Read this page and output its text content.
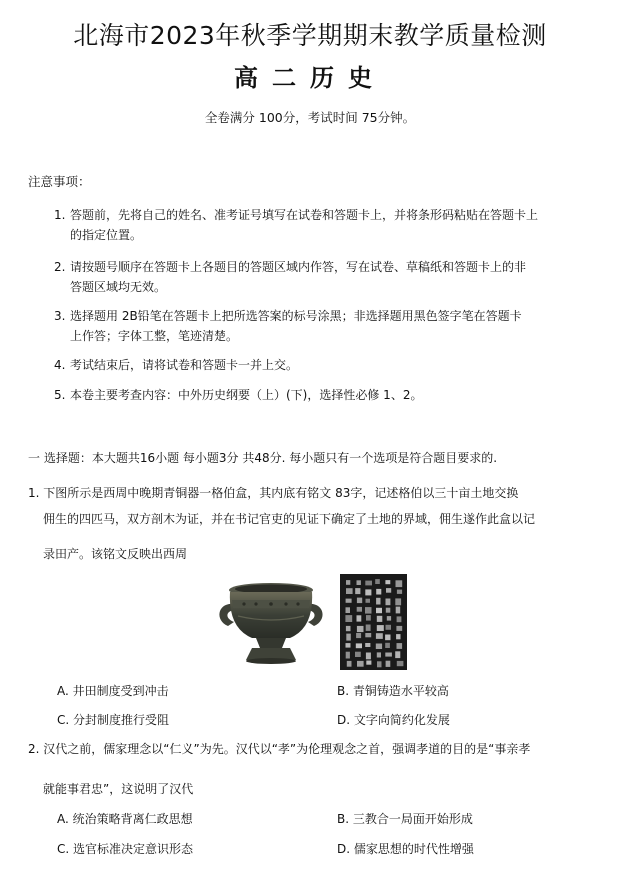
北海市2023年秋季学期期末教学质量检测
高二历史
全卷满分 100分，考试时间 75分钟。
注意事项：
1. 答题前，先将自己的姓名、准考证号填写在试卷和答题卡上，并将条形码粘贴在答题卡上
的指定位置。
2. 请按题号顺序在答题卡上各题目的答题区域内作答，写在试卷、草稿纸和答题卡上的非
答题区域均无效。
3. 选择题用 2B铅笔在答题卡上把所选答案的标号涂黑；非选择题用黑色签字笔在答题卡
上作答；字体工整，笔迹清楚。
4. 考试结束后，请将试卷和答题卡一并上交。
5. 本卷主要考查内容：中外历史纲要（上）(下)，选择性必修 1、2。
一 选择题：本大题共16小题 每小题3分 共48分. 每小题只有一个选项是符合题目要求的.
1. 下图所示是西周中晚期青铜器一格伯盒，其内底有铭文 83字，记述格伯以三十亩土地交换
佣生的四匹马，双方剖木为证，并在书记官吏的见证下确定了土地的界域，佣生遂作此盒以记
录田产。该铭文反映出西周
A. 井田制度受到冲击	B. 青铜铸造水平较高
C. 分封制度推行受阻	D. 文字向简约化发展
2. 汉代之前，儒家理念以“仁义”为先。汉代以“孝”为伦理观念之首，强调孝道的目的是“事亲孝
就能事君忠”，这说明了汉代
A. 统治策略背离仁政思想	B. 三教合一局面开始形成
C. 选官标准决定意识形态	D. 儒家思想的时代性增强
